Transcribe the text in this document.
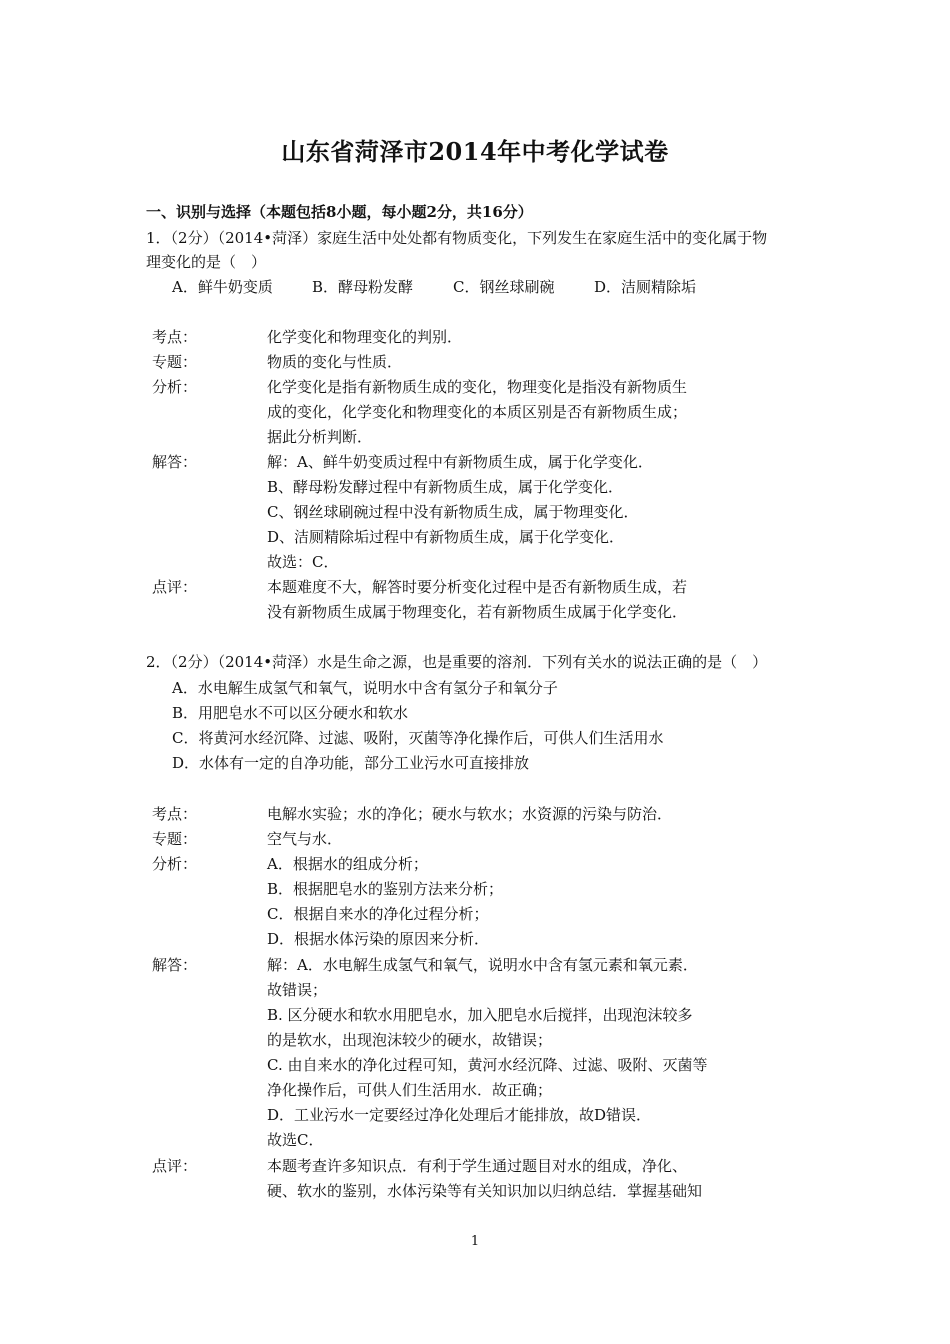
山东省菏泽市2014年中考化学试卷
一、识别与选择（本题包括8小题，每小题2分，共16分）
1．（2分）（2014•菏泽）家庭生活中处处都有物质变化，下列发生在家庭生活中的变化属于物
理变化的是（　）
A．鲜牛奶变质	B．酵母粉发酵	C．钢丝球刷碗	D．洁厕精除垢
考点：	化学变化和物理变化的判别．
专题：	物质的变化与性质．
分析：	化学变化是指有新物质生成的变化，物理变化是指没有新物质生
成的变化，化学变化和物理变化的本质区别是否有新物质生成；
据此分析判断．
解答：	解：A、鲜牛奶变质过程中有新物质生成，属于化学变化．
B、酵母粉发酵过程中有新物质生成，属于化学变化．
C、钢丝球刷碗过程中没有新物质生成，属于物理变化．
D、洁厕精除垢过程中有新物质生成，属于化学变化．
故选：C．
点评：	本题难度不大，解答时要分析变化过程中是否有新物质生成，若
没有新物质生成属于物理变化，若有新物质生成属于化学变化．
2．（2分）（2014•菏泽）水是生命之源，也是重要的溶剂．下列有关水的说法正确的是（　）
A．水电解生成氢气和氧气，说明水中含有氢分子和氧分子
B．用肥皂水不可以区分硬水和软水
C．将黄河水经沉降、过滤、吸附，灭菌等净化操作后，可供人们生活用水
D．水体有一定的自净功能，部分工业污水可直接排放
考点：	电解水实验；水的净化；硬水与软水；水资源的污染与防治．
专题：	空气与水．
分析：	A．根据水的组成分析；
B．根据肥皂水的鉴别方法来分析；
C．根据自来水的净化过程分析；
D．根据水体污染的原因来分析．
解答：	解：A．水电解生成氢气和氧气，说明水中含有氢元素和氧元素．
故错误；
B. 区分硬水和软水用肥皂水，加入肥皂水后搅拌，出现泡沫较多
的是软水，出现泡沫较少的硬水，故错误；
C. 由自来水的净化过程可知，黄河水经沉降、过滤、吸附、灭菌等
净化操作后，可供人们生活用水．故正确；
D．工业污水一定要经过净化处理后才能排放，故D错误．
故选C．
点评：	本题考查许多知识点．有利于学生通过题目对水的组成，净化、
硬、软水的鉴别，水体污染等有关知识加以归纳总结．掌握基础知
1
